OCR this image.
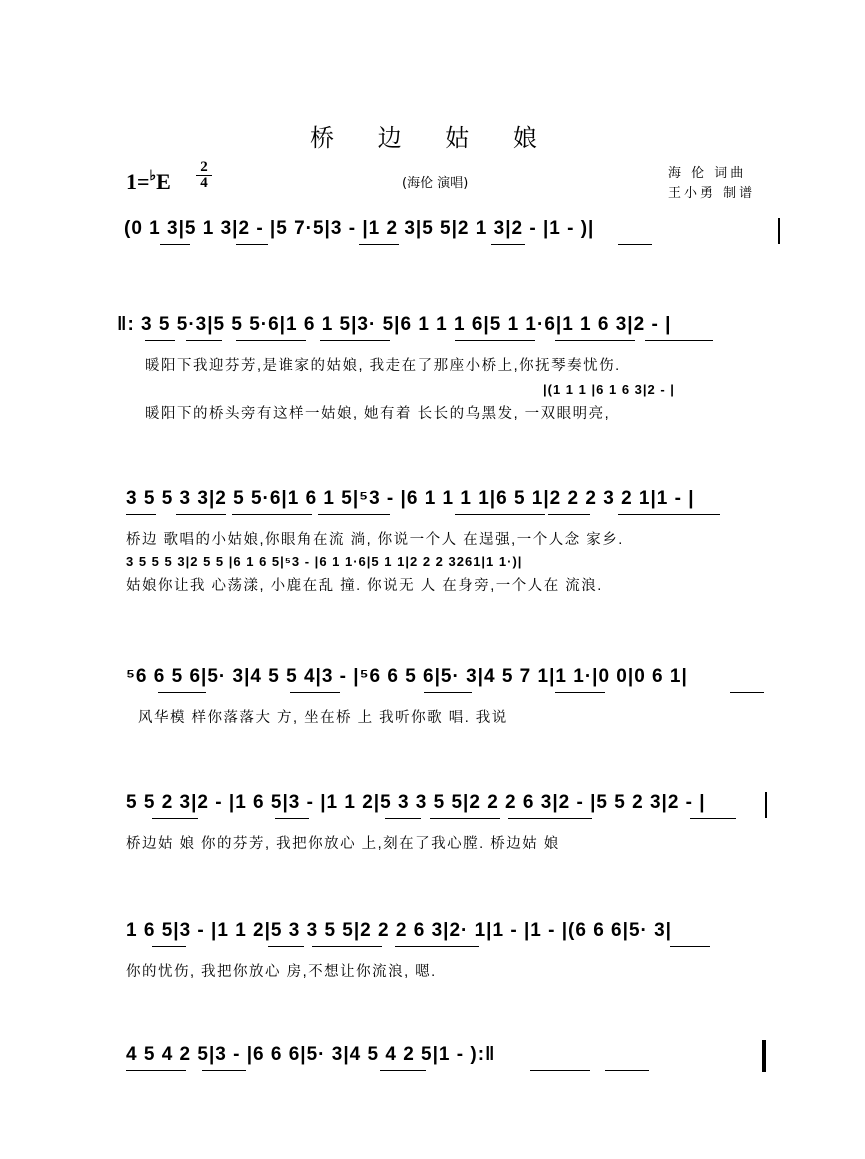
桥 边 姑 娘
1=♭E
2
4	(海伦 演唱)
海 伦 词曲
王小勇 制谱
(0 1 3|5 1 3|2 - |5 7·5|3 - |1 2 3|5 5|2 1 3|2 - |1 - )|
‖: 3 5 5·3|5 5 5·6|1 6 1 5|3· 5|6 1 1 1 6|5 1 1·6|1 1 6 3|2 - |
暖阳下我迎芬芳,是谁家的姑娘, 我走在了那座小桥上,你抚琴奏忧伤.
|(1 1 1 |6 1 6 3|2 - |
暖阳下的桥头旁有这样一姑娘, 她有着 长长的乌黑发, 一双眼明亮,
3 5 5 3 3|2 5 5·6|1 6 1 5|⁵3 - |6 1 1 1 1|6 5 1|2 2 2 3 2 1|1 - |
桥边 歌唱的小姑娘,你眼角在流 淌, 你说一个人 在逞强,一个人念 家乡.
3 5 5 5 3|2 5 5 |6 1 6 5|⁵3 - |6 1 1·6|5 1 1|2 2 2 3261|1 1·)|
姑娘你让我 心荡漾, 小鹿在乱 撞. 你说无 人 在身旁,一个人在 流浪.
⁵6 6 5 6|5· 3|4 5 5 4|3 - |⁵6 6 5 6|5· 3|4 5 7 1|1 1·|0 0|0 6 1|
风华模 样你落落大 方, 坐在桥 上 我听你歌 唱. 我说
5 5 2 3|2 - |1 6 5|3 - |1 1 2|5 3 3 5 5|2 2 2 6 3|2 - |5 5 2 3|2 - |
桥边姑 娘 你的芬芳, 我把你放心 上,刻在了我心膛. 桥边姑 娘
1 6 5|3 - |1 1 2|5 3 3 5 5|2 2 2 6 3|2· 1|1 - |1 - |(6 6 6|5· 3|
你的忧伤, 我把你放心 房,不想让你流浪, 嗯.
4 5 4 2 5|3 - |6 6 6|5· 3|4 5 4 2 5|1 - ):‖
